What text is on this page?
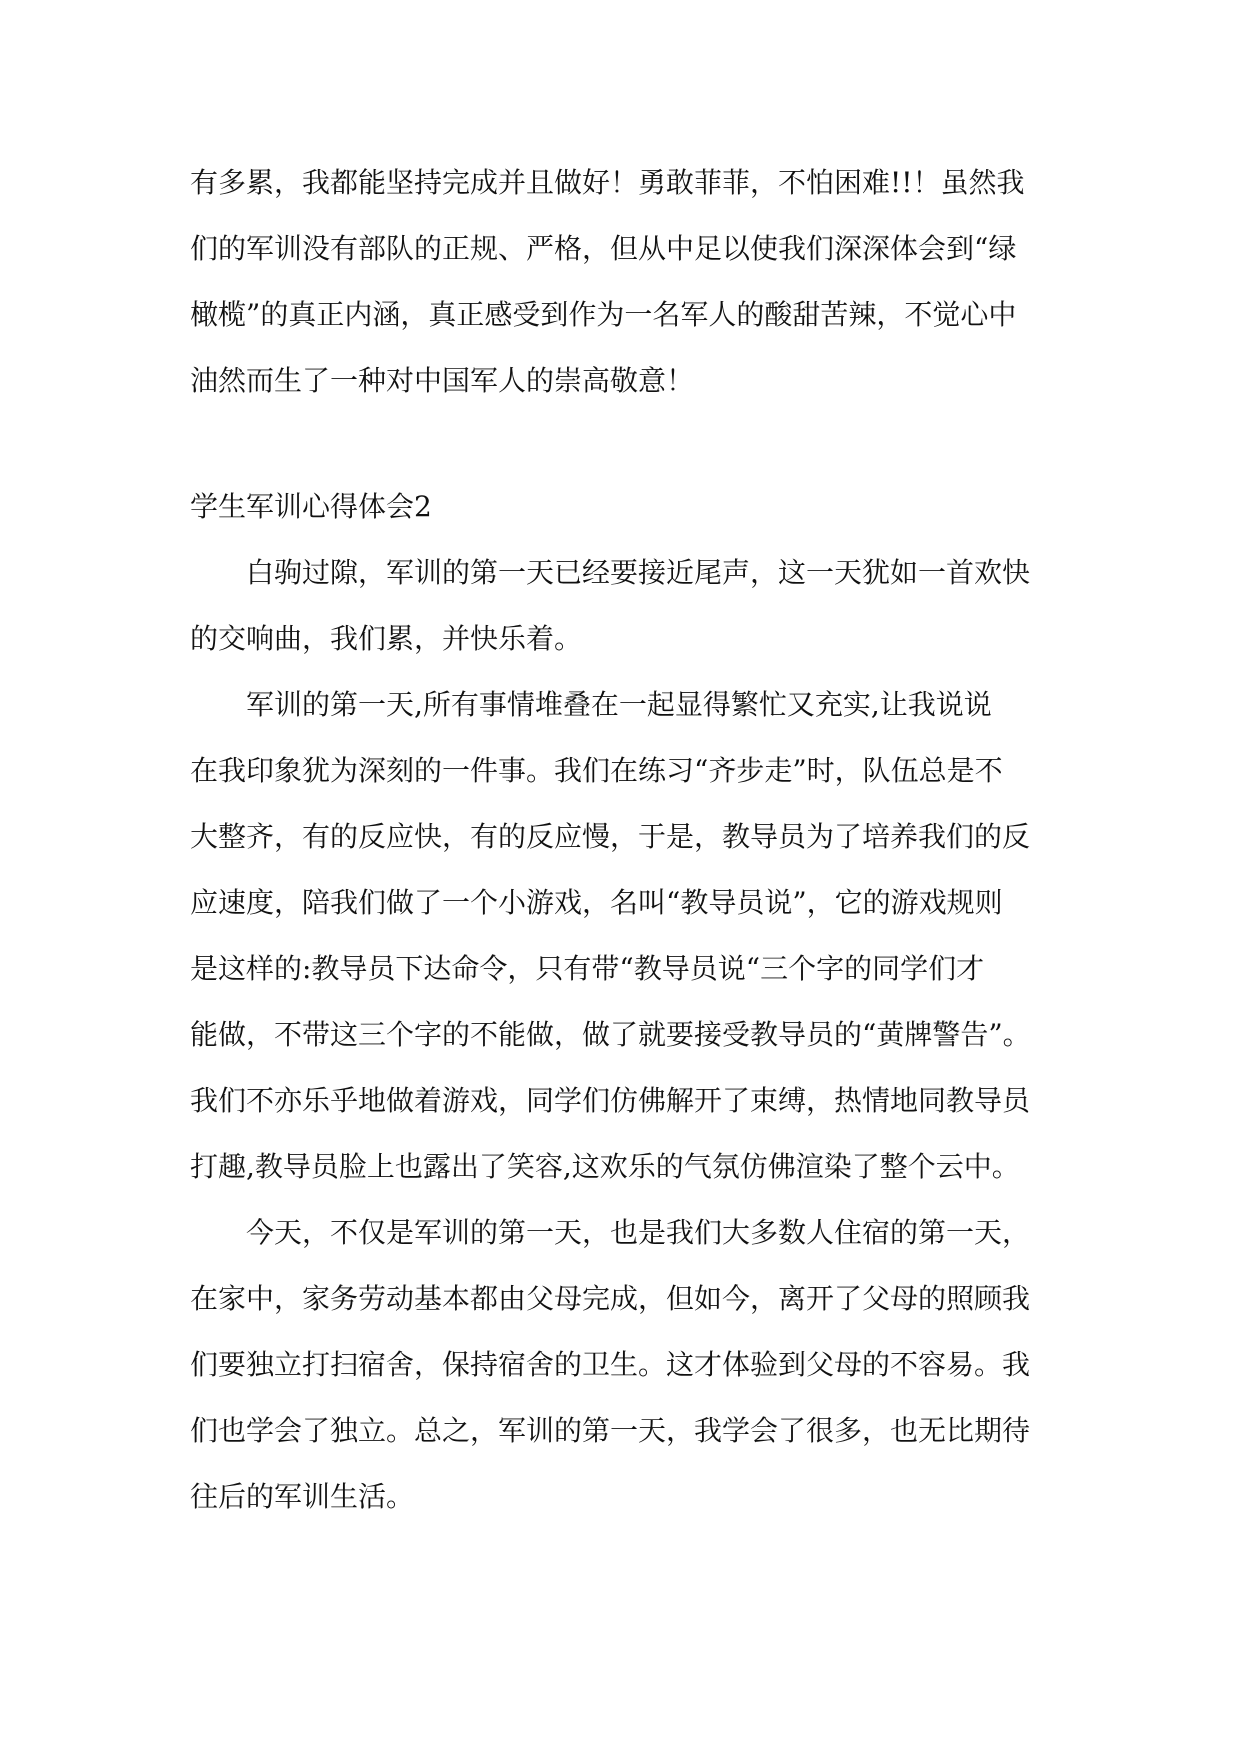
有多累，我都能坚持完成并且做好！勇敢菲菲，不怕困难!!！虽然我

们的军训没有部队的正规、严格，但从中足以使我们深深体会到“绿

橄榄”的真正内涵，真正感受到作为一名军人的酸甜苦辣，不觉心中

油然而生了一种对中国军人的崇高敬意！

学生军训心得体会2

白驹过隙，军训的第一天已经要接近尾声，这一天犹如一首欢快

的交响曲，我们累，并快乐着。

军训的第一天,所有事情堆叠在一起显得繁忙又充实,让我说说

在我印象犹为深刻的一件事。我们在练习“齐步走”时，队伍总是不

大整齐，有的反应快，有的反应慢，于是，教导员为了培养我们的反

应速度，陪我们做了一个小游戏，名叫“教导员说”，它的游戏规则

是这样的:教导员下达命令，只有带“教导员说“三个字的同学们才

能做，不带这三个字的不能做，做了就要接受教导员的“黄牌警告”。

我们不亦乐乎地做着游戏，同学们仿佛解开了束缚，热情地同教导员

打趣,教导员脸上也露出了笑容,这欢乐的气氛仿佛渲染了整个云中。

今天，不仅是军训的第一天，也是我们大多数人住宿的第一天，

在家中，家务劳动基本都由父母完成，但如今，离开了父母的照顾我

们要独立打扫宿舍，保持宿舍的卫生。这才体验到父母的不容易。我

们也学会了独立。总之，军训的第一天，我学会了很多，也无比期待

往后的军训生活。
